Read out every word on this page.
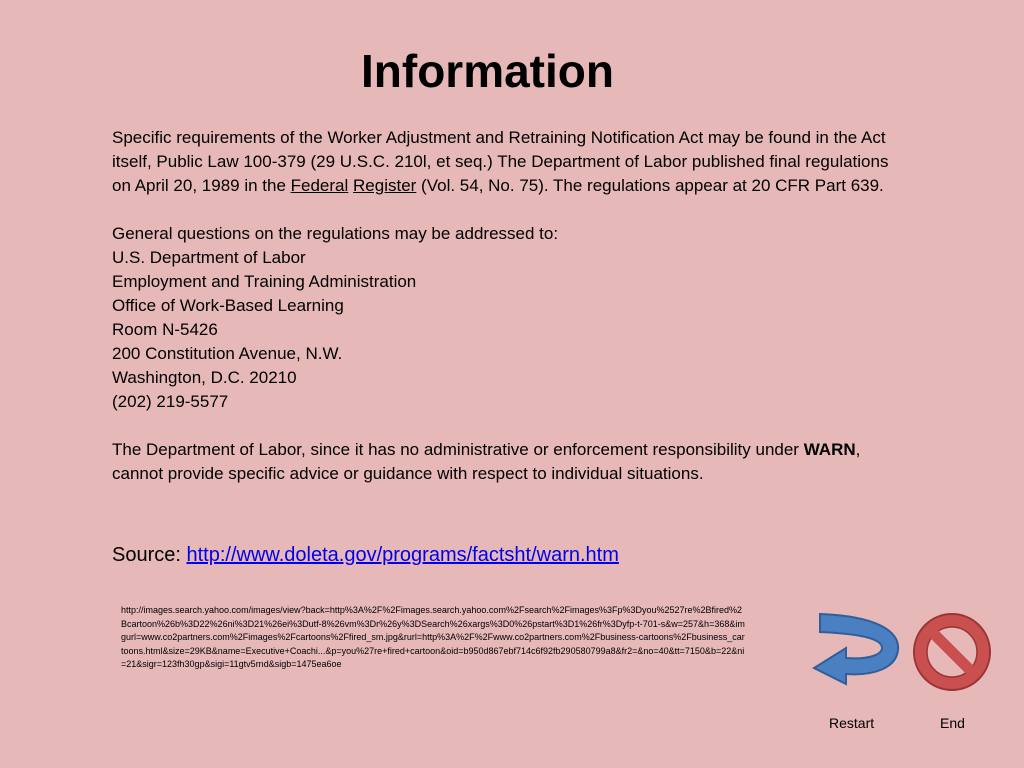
Information

Specific requirements of the Worker Adjustment and Retraining Notification Act may be found in the Act itself, Public Law 100-379 (29 U.S.C. 210l, et seq.) The Department of Labor published final regulations on April 20, 1989 in the Federal Register (Vol. 54, No. 75). The regulations appear at 20 CFR Part 639.

General questions on the regulations may be addressed to:

U.S. Department of Labor

Employment and Training Administration

Office of Work-Based Learning

Room N-5426

200 Constitution Avenue, N.W.

Washington, D.C. 20210

(202) 219-5577

The Department of Labor, since it has no administrative or enforcement responsibility under WARN, cannot provide specific advice or guidance with respect to individual situations.

Source: http://www.doleta.gov/programs/factsht/warn.htm
http://images.search.yahoo.com/images/view?back=http%3A%2F%2Fimages.search.yahoo.com%2Fsearch%2Fimages%3Fp%3Dyou%2527re%2Bfired%2Bcartoon%26b%3D22%26ni%3D21%26ei%3Dutf-8%26vm%3Dr%26y%3DSearch%26xargs%3D0%26pstart%3D1%26fr%3Dyfp-t-701-s&w=257&h=368&imgurl=www.co2partners.com%2Fimages%2Fcartoons%2Ffired_sm.jpg&rurl=http%3A%2F%2Fwww.co2partners.com%2Fbusiness-cartoons%2Fbusiness_cartoons.html&size=29KB&name=Executive+Coachi...&p=you%27re+fired+cartoon&oid=b950d867ebf714c6f92fb290580799a8&fr2=&no=40&tt=7150&b=22&ni=21&sigr=123fh30gp&sigi=11gtv5rnd&sigb=1475ea6oe
Restart	End
